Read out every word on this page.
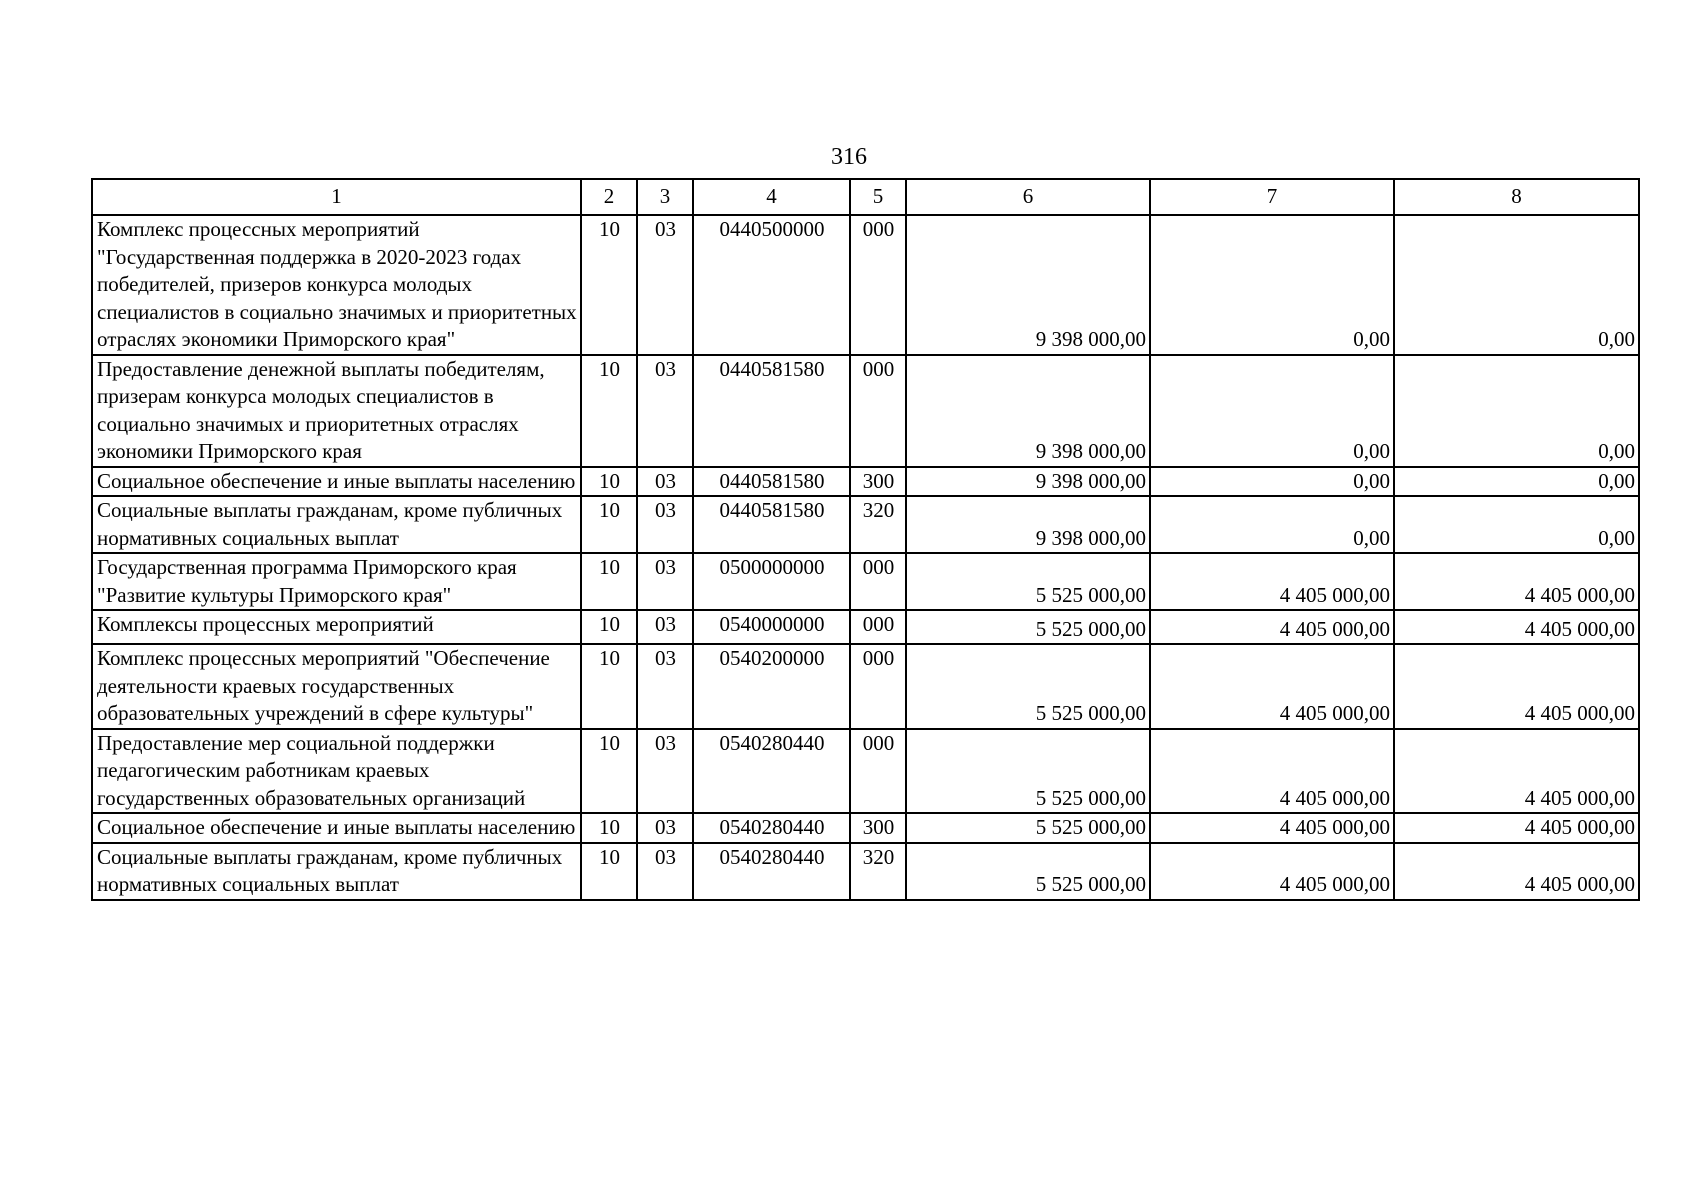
316
1	2	3	4	5	6	7	8
Комплекс процессных мероприятий "Государственная поддержка в 2020-2023 годах победителей, призеров конкурса молодых специалистов в социально значимых и приоритетных отраслях экономики Приморского края"	10	03	0440500000	000	9 398 000,00	0,00	0,00
Предоставление денежной выплаты победителям, призерам конкурса молодых специалистов в социально значимых и приоритетных отраслях экономики Приморского края	10	03	0440581580	000	9 398 000,00	0,00	0,00
Социальное обеспечение и иные выплаты населению	10	03	0440581580	300	9 398 000,00	0,00	0,00
Социальные выплаты гражданам, кроме публичных нормативных социальных выплат	10	03	0440581580	320	9 398 000,00	0,00	0,00
Государственная программа Приморского края "Развитие культуры Приморского края"	10	03	0500000000	000	5 525 000,00	4 405 000,00	4 405 000,00
Комплексы процессных мероприятий	10	03	0540000000	000	5 525 000,00	4 405 000,00	4 405 000,00
Комплекс процессных мероприятий "Обеспечение деятельности краевых государственных образовательных учреждений в сфере культуры"	10	03	0540200000	000	5 525 000,00	4 405 000,00	4 405 000,00
Предоставление мер социальной поддержки педагогическим работникам краевых государственных образовательных организаций	10	03	0540280440	000	5 525 000,00	4 405 000,00	4 405 000,00
Социальное обеспечение и иные выплаты населению	10	03	0540280440	300	5 525 000,00	4 405 000,00	4 405 000,00
Социальные выплаты гражданам, кроме публичных нормативных социальных выплат	10	03	0540280440	320	5 525 000,00	4 405 000,00	4 405 000,00
